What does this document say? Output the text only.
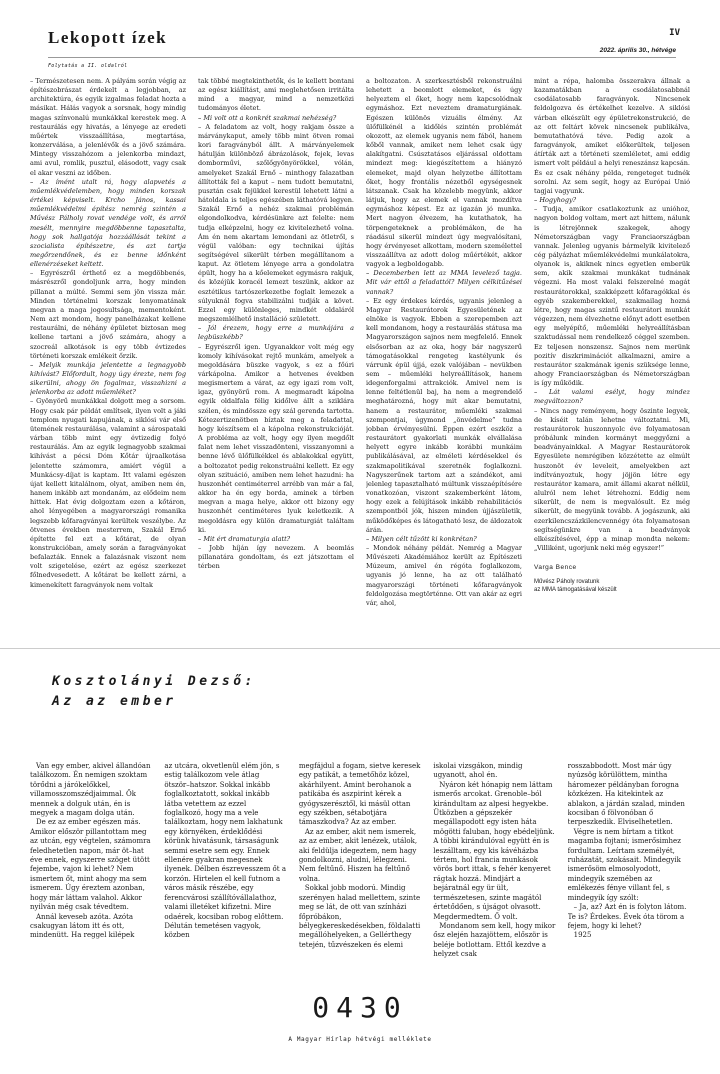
Lekopott ízek	IV
2022. április 30., hétvége
Folytatás a II. oldalról

– Természetesen nem. A pályám során végig az építészobrászat érdekelt a legjobban, az architektúra, és egyik izgalmas feladat hozta a másikat. Hálás vagyok a sorsnak, hogy mindig magas színvonalú munkákkal kerestek meg. A restaurálás egy hivatás, a lényege az eredeti műértek visszaállítása, megtartása, konzerválása, a jelenlévők és a jövő számára. Mintegy visszahózom a jelenkorba mindazt, ami avul, romlik, pusztul, elásodott, vagy csak el akar veszni az időben.

– Az ímént utalt rá, hogy alapvetés a műemlékvédelemben, hogy minden korszak értékei képviselt. Krcho János, kassai műemlékvédelmi építész nemrég szintén a Művész Pálholy rovat vendége volt, és arról mesélt, mennyire megdöbbenne tapasztalta, hogy sok hallgatója hozzáállását tekint a szocialista építészetre, és azt tartja megőrzendőnek, és ez benne időnként ellenérzéseket keltett.

– Egyrészről érthető ez a megdöbbenés, másrészről gondoljunk arra, hogy minden pillanat a múlté. Semmi sem jön vissza már. Minden történelmi korszak lenyomatának megvan a maga jogosultsága, mementoként. Nem azt mondom, hogy panelházakat kellene restaurálni, de néhány épületet biztosan meg kellene tartani a jövő számára, ahogy a szocreál alkotások is egy több évtizedes történeti korszak emlékeit őrzik.

– Melyik munkája jelentette a legnagyobb kihívást? Előfordult, hogy úgy érezte, nem fog sikerülni, ahogy ön fogalmaz, visszahizni a jelenkorba az adott műemléket?

– Gyönyörű munkákkal dolgott meg a sorsom. Hogy csak pár példát említsek, ilyen volt a jáki templom nyugati kapujának, a siklósi vár első ütemének restaurálása, valamint a sárospataki várban több mint egy évtizedig folyó restaurálás. Ám az egyik legnagyobb szakmai kihívást a pécsi Dóm Kőtár újraalkotása jelentette számomra, amiért végül a Munkácsy-díjat is kaptam. Itt valami egészen újat kellett kitalálnom, olyat, amiben nem én, hanem inkább azt mondanám, az elődeim nem hittek. Hat évig dolgoztam ezen a kőtáron, ahol lényegében a magyarországi romanika legszebb kőfaragványai kerültek veszélybe. Az ötvenes években mesterrem, Szakál Ernő építette fel ezt a kőtárat, de olyan konstrukcióban, amely során a faragványokat befalazták. Ennek a falazásnak viszont nem volt szigetelése, ezért az egész szerkezet főlnedvesedett. A kőtárat be kellett zárni, a kimenekített faragványok nem voltak

tak többé megtekinthetők, és le kellett bontani az egész kiállítást, ami meglehetősen irritálta mind a magyar, mind a nemzetközi tudományos életet.

– Mi volt ott a konkrét szakmai nehézség?

– A feladatom az volt, hogy rakjam össze a márványkaput, amely több mint ötven romai kori faragványból állt. A márványelemek hátulján különböző ábrázolások, fejek, levas domborművi, szőlőgyönyörökkel, vólán, amelyeket Szakál Ernő – minthogy falazatban állították fel a kaput – nem tudott bemutatni, pusztán csak fejükkel kerestül lehetett látni a hátoldala is teljes egészében láthatóvá legyen. Szakál Ernő a nehéz szakmai problémán elgondolkodva, kérdésünkre azt felelte: nem tudja elképzelni, hogy ez kivitelezhető volna. Ám én nem akartam lemondani az ötletről, s végül valóban: egy technikai újítás segítségével sikerült térben megállítanom a kaput. Az ötletem lényege arra a gondolatra épült, hogy ha a kőelemeket egymásra rakjuk, és közéjük koracél lemezt teszünk, akkor az esztétikus tartószerkezetbe foglalt lemezek a súlyuknál fogva stabilizálni tudják a követ. Ezzel egy különleges, mindkét oldaláról megszemlélhető installáció született.

– Jól érezem, hogy erre a munkájára a legbüszkébb?

– Egyrészről igen. Ugyanakkor volt még egy komoly kihívásokat rejtő munkám, amelyek a megoldására büszke vagyok, s ez a főúri várkápolna. Amikor a hetvenes években megismertem a várat, az egy igazi rom volt, igaz, gyönyörű rom. A megmaradt kápolna egyik oldalfala félig kidőlve állt a sziklára szélen, és mindössze egy szál gerenda tartotta. Kétezertizenötben bíztak meg a feladattal, hogy készítsem el a kápolna rekonstrukcióját. A probléma az volt, hogy egy ilyen megdőlt falat nem lehet visszadönteni, visszanyomni a benne lévő ülőfülkékkel és ablakokkal együtt, a boltozatot pedig rekonstruálni kellett. Ez egy olyan szituáció, amiben nem lehet hazudni: ha huszonhét centiméterrel arrébb van már a fal, akkor ha én egy borda, aminek a térben megvan a maga helye, akkor ott bizony egy huszonhét centiméteres lyuk keletkezik. A megoldásra egy külön dramaturgiát találtam ki.

– Mit ért dramaturgia alatt?

– Jobb híján így nevezem. A beomlás pillanatára gondoltam, és ezt játszottam el térben

a boltozaton. A szerkesztésből rekonstruálni lehetett a beomlott elemeket, és úgy helyeztem el őket, hogy nem kapcsolódnak egymáshoz. Ezt neveztem dramaturgiának. Egészen különös vizuális élmény. Az ülőfülkénél a kidőlés szintén problémát okozott, az elemek ugyanis nem fából, hanem kőből vannak, amiket nem lehet csak úgy alakítgatni. Csúsztatásos eljárással oldottam mindezt meg: kiegészítettem a hiányzó elemeket, majd olyan helyzetbe állítottam őket, hogy frontális nézetből egységesnek látszanak. Csak ha közelebb megyünk, akkor látjuk, hogy az elemek el vannak mozdítva egymáshoz képest. Ez az igazán jó munka. Mert nagyon élvezem, ha kutathatok, ha törpengeteknek a problémákon, de ha ráadásul sikerül mindezt úgy megvalósítani, hogy érvényeset alkottam, modern személettel visszaállítva az adott dolog műértékét, akkor vagyok a legboldogabb.

– Decemberben lett az MMA levelező tagja. Mit vár ettől a feladattól? Milyen célkitűzései vannak?

– Ez egy érdekes kérdés, ugyanis jelenleg a Magyar Restaurátorok Egyesületének az elnöke is vagyok. Ebben a szerepemben azt kell mondanom, hogy a restaurálás státusa ma Magyarországon sajnos nem megfelelő. Ennek elsősorban az az oka, hogy bár nagyszerű támogatásokkal rengeteg kastélyunk és várrunk épül újjá, ezek valójában – nevükben sem – műemléki helyreállítások, hanem idegenforgalmi attrakciók. Amivel nem is lenne feltétlenül baj, ha nem a megrendelő meghatározná, hogy mit akar bemutatni, hanem a restaurátor, műemléki szakmai szempontjai, úgymond „önvédelme” tudna jobban érvényesülni. Éppen ezért eszköz a restaurátort gyakorlati munkák elvállalása helyett egyre inkább korábbi munkáim publikálásával, az elméleti kérdésekkel és szakmapolitikával szeretnék foglalkozni. Nagyszerűnek tartom azt a szándékot, ami jelenleg tapasztalható múltunk visszaépítésére vonatkozóan, viszont szakemberként látom, hogy ezek a felújítások inkább rehabilitációs szempontból jók, hiszen minden újjászületik, működőképes és látogatható lesz, de áldozatok árán.

– Milyen célt tűzött ki konkrétan?

– Mondok néhány példát. Nemrég a Magyar Művészeti Akadémiához került az Építészeti Múzeum, amivel én régóta foglalkozom, ugyanis jó lenne, ha az ott található magyarországi történeti kőfaragványok feldolgozása megtörténne. Ott van akár az egri vár, ahol,

mint a répa, halomba összerakva állnak a kazamatákban a csodálatosabbnál csodálatosabb faragványok. Nincsenek feldolgozva és értékelhet kezelve. A siklósi várban elkészült egy épületrekonstrukció, de az ott feltárt kövek nincsenek publikálva, bemutathatóvá téve. Pedig azok a faragványok, amiket előkerültek, teljesen átírták azt a történeti szemléletet, ami eddig ismert volt például a helyi reneszánsz kapcsán. És ez csak néhány példa, rengeteget tudnék sorolni. Az sem segít, hogy az Európai Unió tagjai vagyunk.

– Hogyhogy?

– Tudja, amikor csatlakoztunk az unióhoz, nagyon boldog voltam, mert azt hittem, nálunk is létrejönnek szakegek, ahogy Németországban vagy Franciaországban vannak. Jelenleg ugyanis bármelyik kivitelező cég pályázhat műemlékvédelmi munkálatokra, olyanok is, akiknek nincs egyetlen emberük sem, akik szakmai munkákat tudnának végezni. Ha most valaki felszerelné magát restaurátorokkal, szakképzett kőfaragókkal és egyéb szakemberekkel, szakmailag hozná létre, hogy magas szintű restaurátori munkát végezzen, nem élvezhetne előnyt adott esetben egy melyépítő, műemléki helyreállításban szaktudással nem rendelkező céggel szemben. Ez teljesen nonszensz. Sajnos nem merünk pozitív diszkriminációt alkalmazni, amire a restaurátor szakmának igenis szüksége lenne, ahogy Franciaországban és Németországban is így működik.

– Lát valami esélyt, hogy mindez megváltozzon?

– Nincs nagy reményem, hogy öszinte legyek, de kíséit talán lehetne változtatni. Mi, restaurátorok huszonnyolc éve folyamatosan próbálunk minden kormányt meggyőzni a beadványainkkal. A Magyar Restaurátorok Egyesülete nemrégiben közzétette az elmúlt huszonöt év leveleit, amelyekben azt indítványoztuk, hogy jöjjön létre egy restaurátor kamara, amit állami akarat nélkül, alulról nem lehet létrehozni. Eddig nem sikerült, de nem is megvalósult. Ez még sikerült, de megyünk tovább. A jogászunk, aki ezerkilencszázkilencvennégy óta folyamatosan segítségünkre van a beadványok elkészítésével, épp a minap mondta nekem: „Villiként, ugorjunk neki még egyszer!”

Varga Bence

Művész Páholy rovatunk
az MMA támogatásával készült

Kosztolányi Dezső:
Az az ember

Van egy ember, akivel állandóan találkozom. Én nemigen szoktam törődni a járókelőkkel, villamosszomszédjaimmal. Ők mennek a dolguk után, én is megyek a magam dolga után.

De ez az ember egészen más. Amikor először pillantottam meg az utcán, egy végtelen, számomra feledhetetlen napon, már öt–hat éve ennek, egyszerre szöget ütött fejembe, vajon ki lehet? Nem ismertem őt, mint ahogy ma sem ismerem. Úgy éreztem azonban, hogy már láttam valahol. Akkor nyilván még csak tévedtem.

Annál keveseb azóta. Azóta csakugyan látom itt és ott, mindenütt. Ha reggel kilépek

az utcára, okvetlenül elém jön, s estig találkozom vele átlag ötször–hatszor. Sokkal inkább foglalkoztatott, sokkal inkább látba vetettem az ezzel foglalkozó, hogy ma a vele találkoztam, hogy nem lakhatunk egy környéken, érdeklődési körünk hivatásunk, társaságunk semmi esetre sem egy. Ennek ellenére gyakran megesnek ilyenek. Délben észrevesszem őt a korzón. Hirtelen el kell futnom a város másik részébe, egy ferencvárosi szállítóvállalathoz, valami illetéket kifizetni. Mire odaérek, kocsiban robog előttem. Délután temetésen vagyok, közben

megfájdul a fogam, sietve keresek egy patikát, a temetőhöz közel, akárhilyent. Amint berohanok a patikába és aszpirint kérek a gyógyszerésztől, ki másül ottan egy székben, sétabotjára támaszkodva? Az az ember.

Az az ember, akit nem ismerek, az az ember, akit lenézek, utálok, aki feldülja idegeztem, nem hagy gondolkozni, aludni, lélegzeni. Nem feltűnő. Hiszen ha feltűnő volna.

Sokkal jobb modorú. Mindig szerényen halad mellettem, szinte meg se lát, de ott van színházi főpróbákon, bélyegkereskedésekben, földalatti megállóhelyeken, a Gellérthegy tetején, tűzvészeken és elemi

iskolai vizsgákon, mindig ugyanott, ahol én.

Nyáron két hónapig nem láttam ismerős arcokat. Grenoble–ból kirándultam az alpesi hegyekbe. Ütközben a gépszekér megállapodott egy isten háta mögötti faluban, hogy ebédeljünk. A többi kirándulóval együtt én is leszálltam, egy kis kávéházba tértem, hol francia munkások vörös bort ittak, s fehér kenyeret rágtak hozzá. Mindjárt a bejáratnál egy ür ült, természetesen, szinte magától értetődően, s újságot olvasott. Megdermedtem. Ő volt.

Mondanom sem kell, hogy mikor ősz elején hazajöttem, először is beléje botlottam. Ettől kezdve a helyzet csak

rosszabbodott. Most már úgy nyúzsög körülöttem, mintha háromezer példányban forogna közkézen. Ha kitekintek az ablakon, a járdán szalad, minden kocsiban ő fölvonóban ő terpeszkedik. Elviselhetetlen.

Végre is nem bírtam a titkot magamba fojtani; ismerősimhez fordultam. Leírtam személyét, ruházatát, szokásait. Mindegyik ismerősöm elmosolyodott, mindegyik szemében az emlékezés fénye villant fel, s mindegyik így szólt:

– Ja, az? Azt én is folyton látom. Te is? Érdekes. Évek óta törom a fejem, hogy ki lehet?

1925

0430
A Magyar Hírlap hétvégi melléklete
